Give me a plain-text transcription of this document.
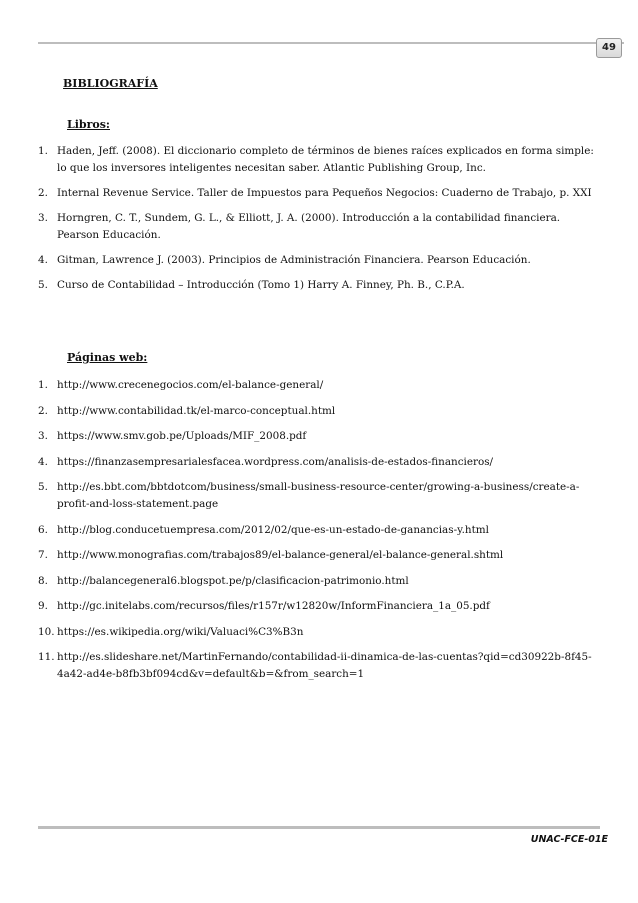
49
BIBLIOGRAFÍA
Libros:
1. Haden, Jeff. (2008). El diccionario completo de términos de bienes raíces explicados en forma simple: lo que los inversores inteligentes necesitan saber. Atlantic Publishing Group, Inc.
2. Internal Revenue Service. Taller de Impuestos para Pequeños Negocios: Cuaderno de Trabajo, p. XXI
3. Horngren, C. T., Sundem, G. L., & Elliott, J. A. (2000). Introducción a la contabilidad financiera. Pearson Educación.
4. Gitman, Lawrence J. (2003). Principios de Administración Financiera. Pearson Educación.
5. Curso de Contabilidad – Introducción (Tomo 1) Harry A. Finney, Ph. B., C.P.A.
Páginas web:
1. http://www.crecenegocios.com/el-balance-general/
2. http://www.contabilidad.tk/el-marco-conceptual.html
3. https://www.smv.gob.pe/Uploads/MIF_2008.pdf
4. https://finanzasempresarialesfacea.wordpress.com/analisis-de-estados-financieros/
5. http://es.bbt.com/bbtdotcom/business/small-business-resource-center/growing-a-business/create-a-profit-and-loss-statement.page
6. http://blog.conducetuempresa.com/2012/02/que-es-un-estado-de-ganancias-y.html
7. http://www.monografias.com/trabajos89/el-balance-general/el-balance-general.shtml
8. http://balancegeneral6.blogspot.pe/p/clasificacion-patrimonio.html
9. http://gc.initelabs.com/recursos/files/r157r/w12820w/InformFinanciera_1a_05.pdf
10. https://es.wikipedia.org/wiki/Valuaci%C3%B3n
11. http://es.slideshare.net/MartinFernando/contabilidad-ii-dinamica-de-las-cuentas?qid=cd30922b-8f45-4a42-ad4e-b8fb3bf094cd&v=default&b=&from_search=1
UNAC-FCE-01E
